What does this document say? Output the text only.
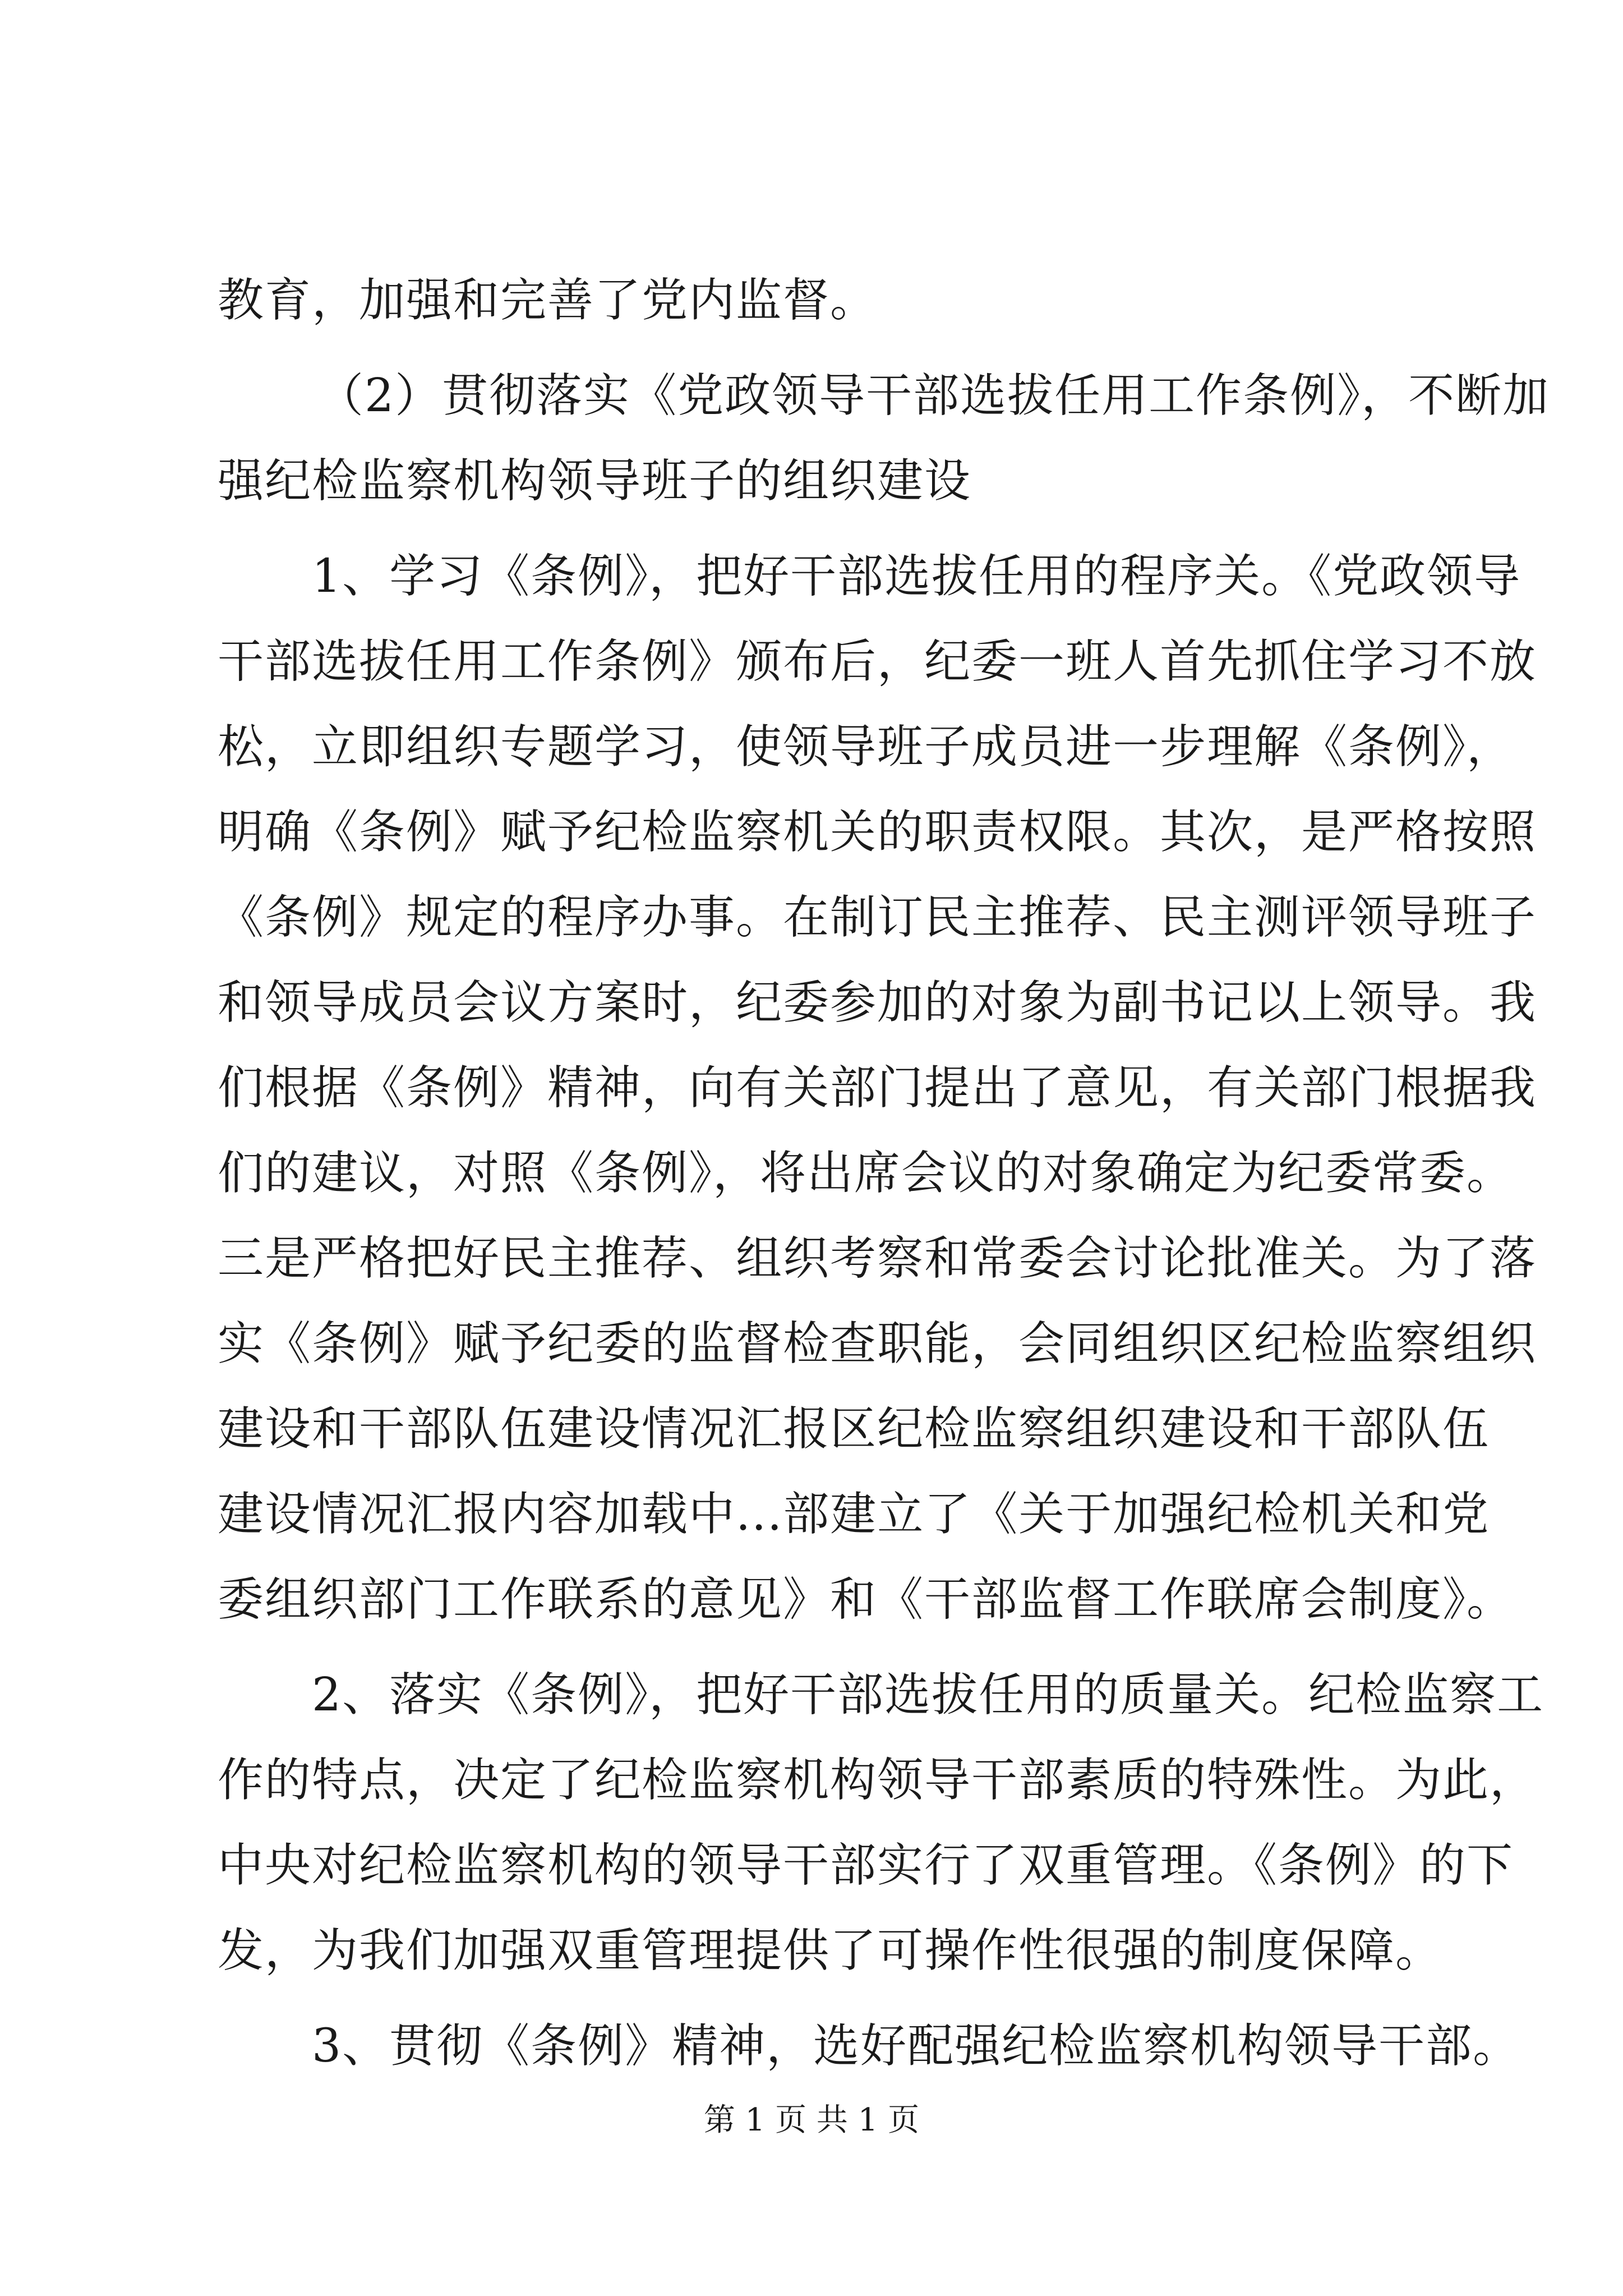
教育，加强和完善了党内监督。
（2）贯彻落实《党政领导干部选拔任用工作条例》，不断加
强纪检监察机构领导班子的组织建设
1、学习《条例》，把好干部选拔任用的程序关。《党政领导
干部选拔任用工作条例》颁布后，纪委一班人首先抓住学习不放
松，立即组织专题学习，使领导班子成员进一步理解《条例》，
明确《条例》赋予纪检监察机关的职责权限。其次，是严格按照
《条例》规定的程序办事。在制订民主推荐、民主测评领导班子
和领导成员会议方案时，纪委参加的对象为副书记以上领导。我
们根据《条例》精神，向有关部门提出了意见，有关部门根据我
们的建议，对照《条例》，将出席会议的对象确定为纪委常委。
三是严格把好民主推荐、组织考察和常委会讨论批准关。为了落
实《条例》赋予纪委的监督检查职能，会同组织区纪检监察组织
建设和干部队伍建设情况汇报区纪检监察组织建设和干部队伍
建设情况汇报内容加载中...部建立了《关于加强纪检机关和党
委组织部门工作联系的意见》和《干部监督工作联席会制度》。
2、落实《条例》，把好干部选拔任用的质量关。纪检监察工
作的特点，决定了纪检监察机构领导干部素质的特殊性。为此，
中央对纪检监察机构的领导干部实行了双重管理。《条例》的下
发，为我们加强双重管理提供了可操作性很强的制度保障。
3、贯彻《条例》精神，选好配强纪检监察机构领导干部。
第 1 页 共 1 页
